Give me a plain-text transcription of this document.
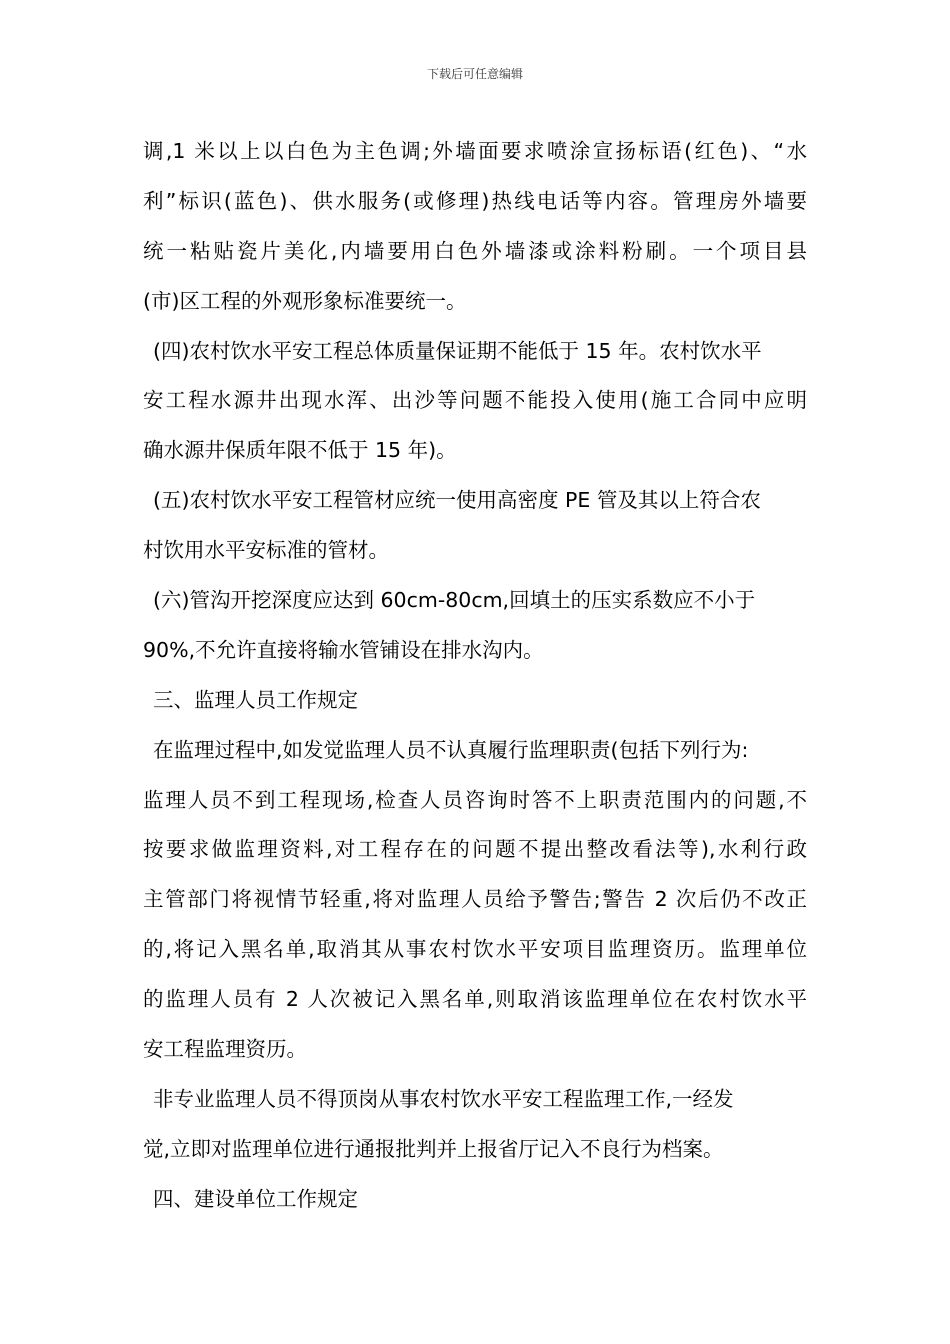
下载后可任意编辑
调,1 米以上以白色为主色调;外墙面要求喷涂宣扬标语(红色)、“水
利”标识(蓝色)、供水服务(或修理)热线电话等内容。管理房外墙要
统一粘贴瓷片美化,内墙要用白色外墙漆或涂料粉刷。一个项目县
(市)区工程的外观形象标准要统一。
(四)农村饮水平安工程总体质量保证期不能低于 15 年。农村饮水平
安工程水源井出现水浑、出沙等问题不能投入使用(施工合同中应明
确水源井保质年限不低于 15 年)。
(五)农村饮水平安工程管材应统一使用高密度 PE 管及其以上符合农
村饮用水平安标准的管材。
(六)管沟开挖深度应达到 60cm-80cm,回填土的压实系数应不小于
90%,不允许直接将输水管铺设在排水沟内。
三、监理人员工作规定
在监理过程中,如发觉监理人员不认真履行监理职责(包括下列行为:
监理人员不到工程现场,检查人员咨询时答不上职责范围内的问题,不
按要求做监理资料,对工程存在的问题不提出整改看法等),水利行政
主管部门将视情节轻重,将对监理人员给予警告;警告 2 次后仍不改正
的,将记入黑名单,取消其从事农村饮水平安项目监理资历。监理单位
的监理人员有 2 人次被记入黑名单,则取消该监理单位在农村饮水平
安工程监理资历。
非专业监理人员不得顶岗从事农村饮水平安工程监理工作,一经发
觉,立即对监理单位进行通报批判并上报省厅记入不良行为档案。
四、建设单位工作规定
